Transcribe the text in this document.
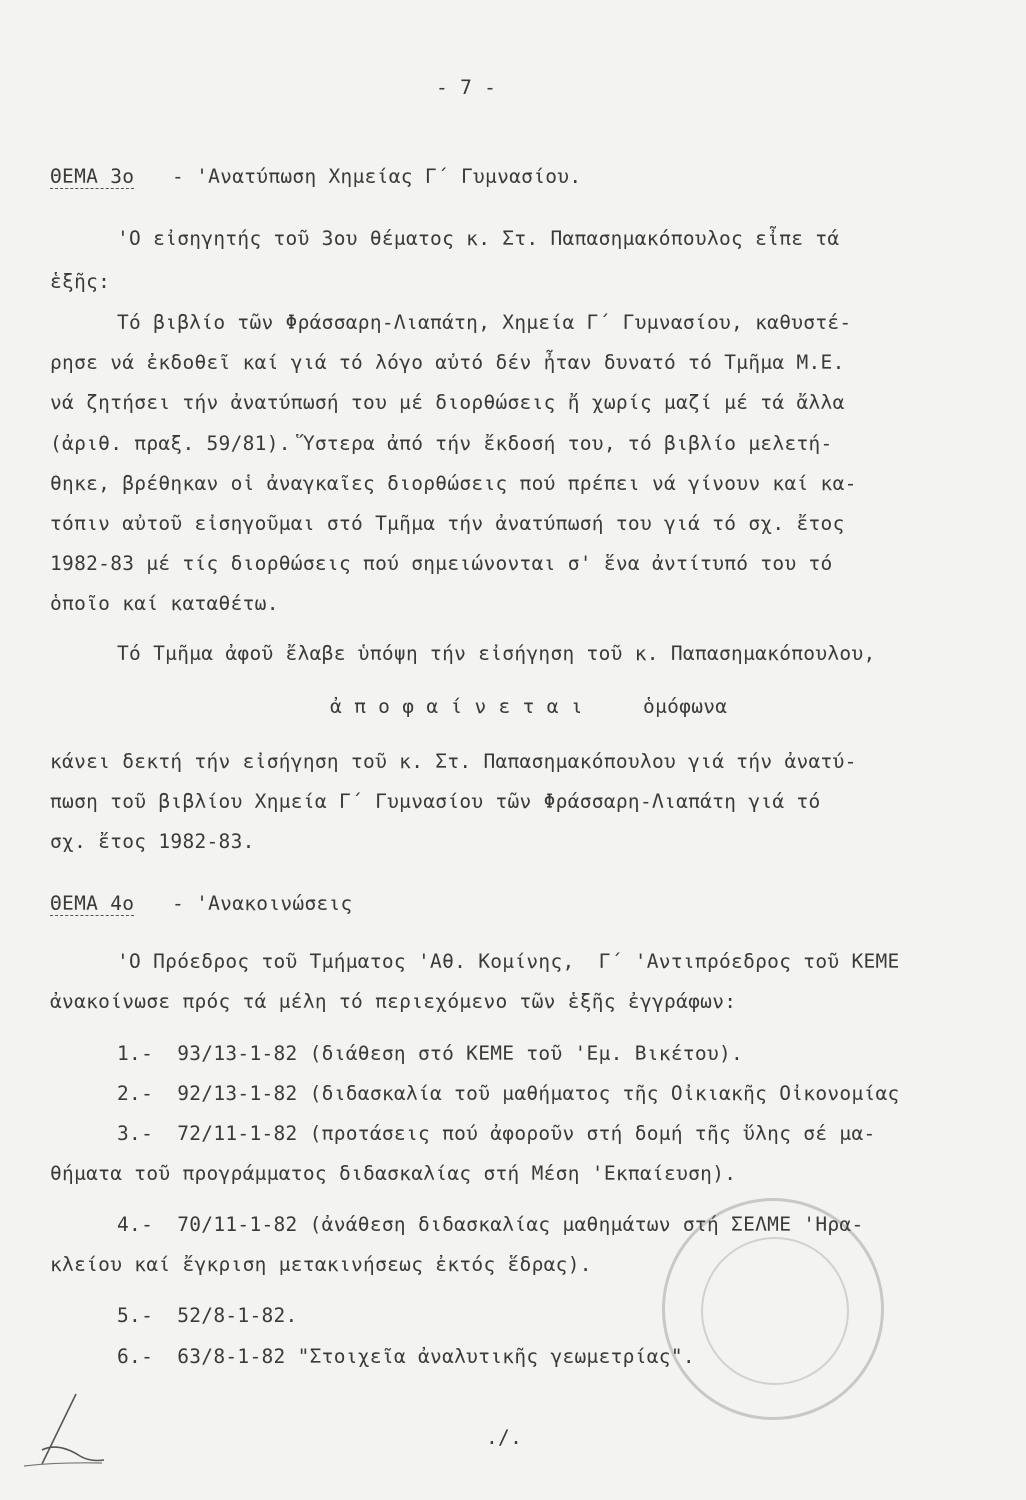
- 7 -
ΘΕΜΑ 3ο - 'Ανατύπωση Χημείας Γ΄ Γυμνασίου.
'Ο εἰσηγητής τοῦ 3ου θέματος κ. Στ. Παπασημακόπουλος εἶπε τά
ἑξῆς:
Τό βιβλίο τῶν Φράσσαρη-Λιαπάτη, Χημεία Γ΄ Γυμνασίου, καθυστέ-
ρησε νά ἐκδοθεῖ καί γιά τό λόγο αὐτό δέν ἦταν δυνατό τό Τμῆμα Μ.Ε.
νά ζητήσει τήν ἀνατύπωσή του μέ διορθώσεις ἤ χωρίς μαζί μέ τά ἄλλα
(ἀριθ. πραξ. 59/81). Ὕστερα ἀπό τήν ἔκδοσή του, τό βιβλίο μελετή-
θηκε, βρέθηκαν οἱ ἀναγκαῖες διορθώσεις πού πρέπει νά γίνουν καί κα-
τόπιν αὐτοῦ εἰσηγοῦμαι στό Τμῆμα τήν ἀνατύπωσή του γιά τό σχ. ἔτος
1982-83 μέ τίς διορθώσεις πού σημειώνονται σ' ἕνα ἀντίτυπό του τό
ὁποῖο καί καταθέτω.
Τό Τμῆμα ἀφοῦ ἔλαβε ὑπόψη τήν εἰσήγηση τοῦ κ. Παπασημακόπουλου,
ἀ π ο φ α ί ν ε τ α ι     ὁμόφωνα
κάνει δεκτή τήν εἰσήγηση τοῦ κ. Στ. Παπασημακόπουλου γιά τήν ἀνατύ-
πωση τοῦ βιβλίου Χημεία Γ΄ Γυμνασίου τῶν Φράσσαρη-Λιαπάτη γιά τό
σχ. ἔτος 1982-83.
ΘΕΜΑ 4ο - 'Ανακοινώσεις
'Ο Πρόεδρος τοῦ Τμήματος 'Αθ. Κομίνης,  Γ΄ 'Αντιπρόεδρος τοῦ ΚΕΜΕ
ἀνακοίνωσε πρός τά μέλη τό περιεχόμενο τῶν ἑξῆς ἐγγράφων:
1.-  93/13-1-82 (διάθεση στό ΚΕΜΕ τοῦ 'Εμ. Βικέτου).
2.-  92/13-1-82 (διδασκαλία τοῦ μαθήματος τῆς Οἰκιακῆς Οἰκονομίας
3.-  72/11-1-82 (προτάσεις πού ἀφοροῦν στή δομή τῆς ὕλης σέ μα-
θήματα τοῦ προγράμματος διδασκαλίας στή Μέση 'Εκπαίευση).
4.-  70/11-1-82 (ἀνάθεση διδασκαλίας μαθημάτων στή ΣΕΛΜΕ 'Ηρα-
κλείου καί ἔγκριση μετακινήσεως ἐκτός ἕδρας).
5.-  52/8-1-82.
6.-  63/8-1-82 "Στοιχεῖα ἀναλυτικῆς γεωμετρίας".
./.
